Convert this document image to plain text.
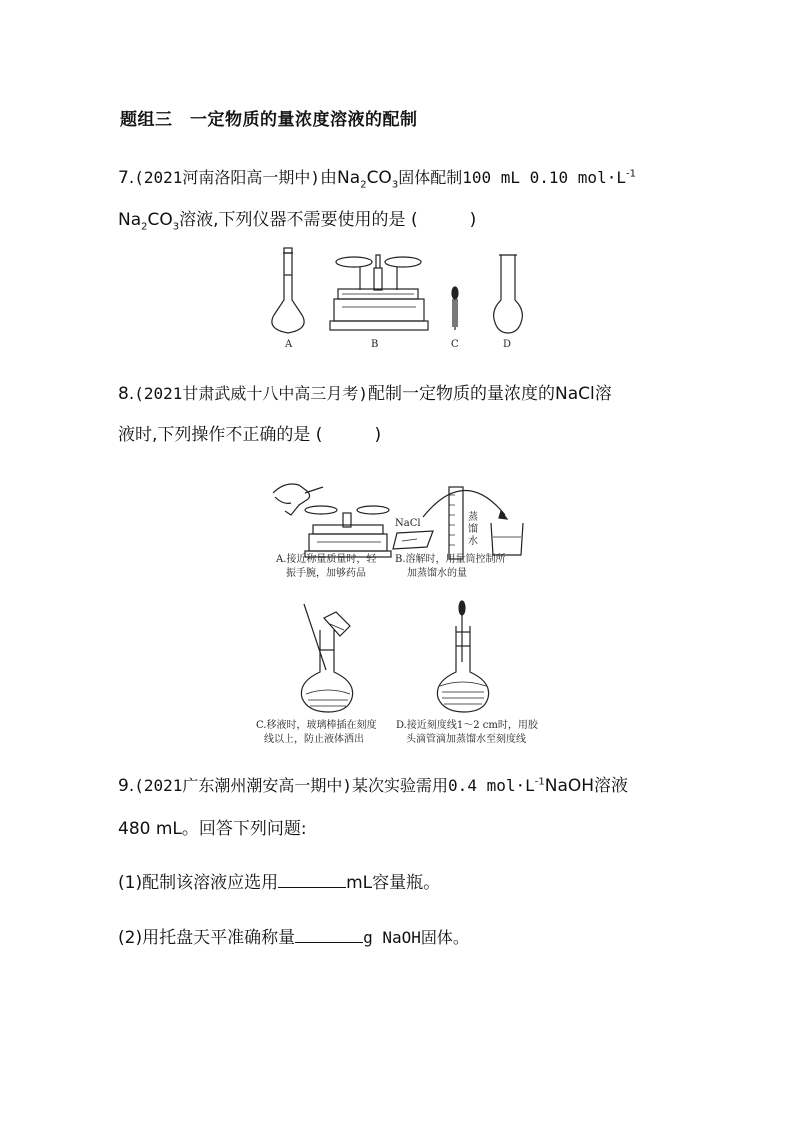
题组三　一定物质的量浓度溶液的配制
7.(2021河南洛阳高一期中)由$Na_2CO_3$固体配制100 mL 0.10 $mol\cdot L^{-1}$
$Na_2CO_3$溶液,下列仪器不需要使用的是 (	)
A	B	C	D
8.(2021甘肃武威十八中高三月考)配制一定物质的量浓度的NaCl溶
液时,下列操作不正确的是 (	)
NaCl
蒸馏水
A.接近称量质量时，轻
振手腕，加够药品
B.溶解时，用量筒控制所
加蒸馏水的量
C.移液时，玻璃棒插在刻度
线以上，防止液体洒出
D.接近刻度线1～2 cm时，用胶
头滴管滴加蒸馏水至刻度线
9.(2021广东潮州潮安高一期中)某次实验需用0.4 $mol\cdot L^{-1}NaOH$溶液
480 mL。回答下列问题:
(1)配制该溶液应选用	mL容量瓶。
(2)用托盘天平准确称量	g NaOH固体。
